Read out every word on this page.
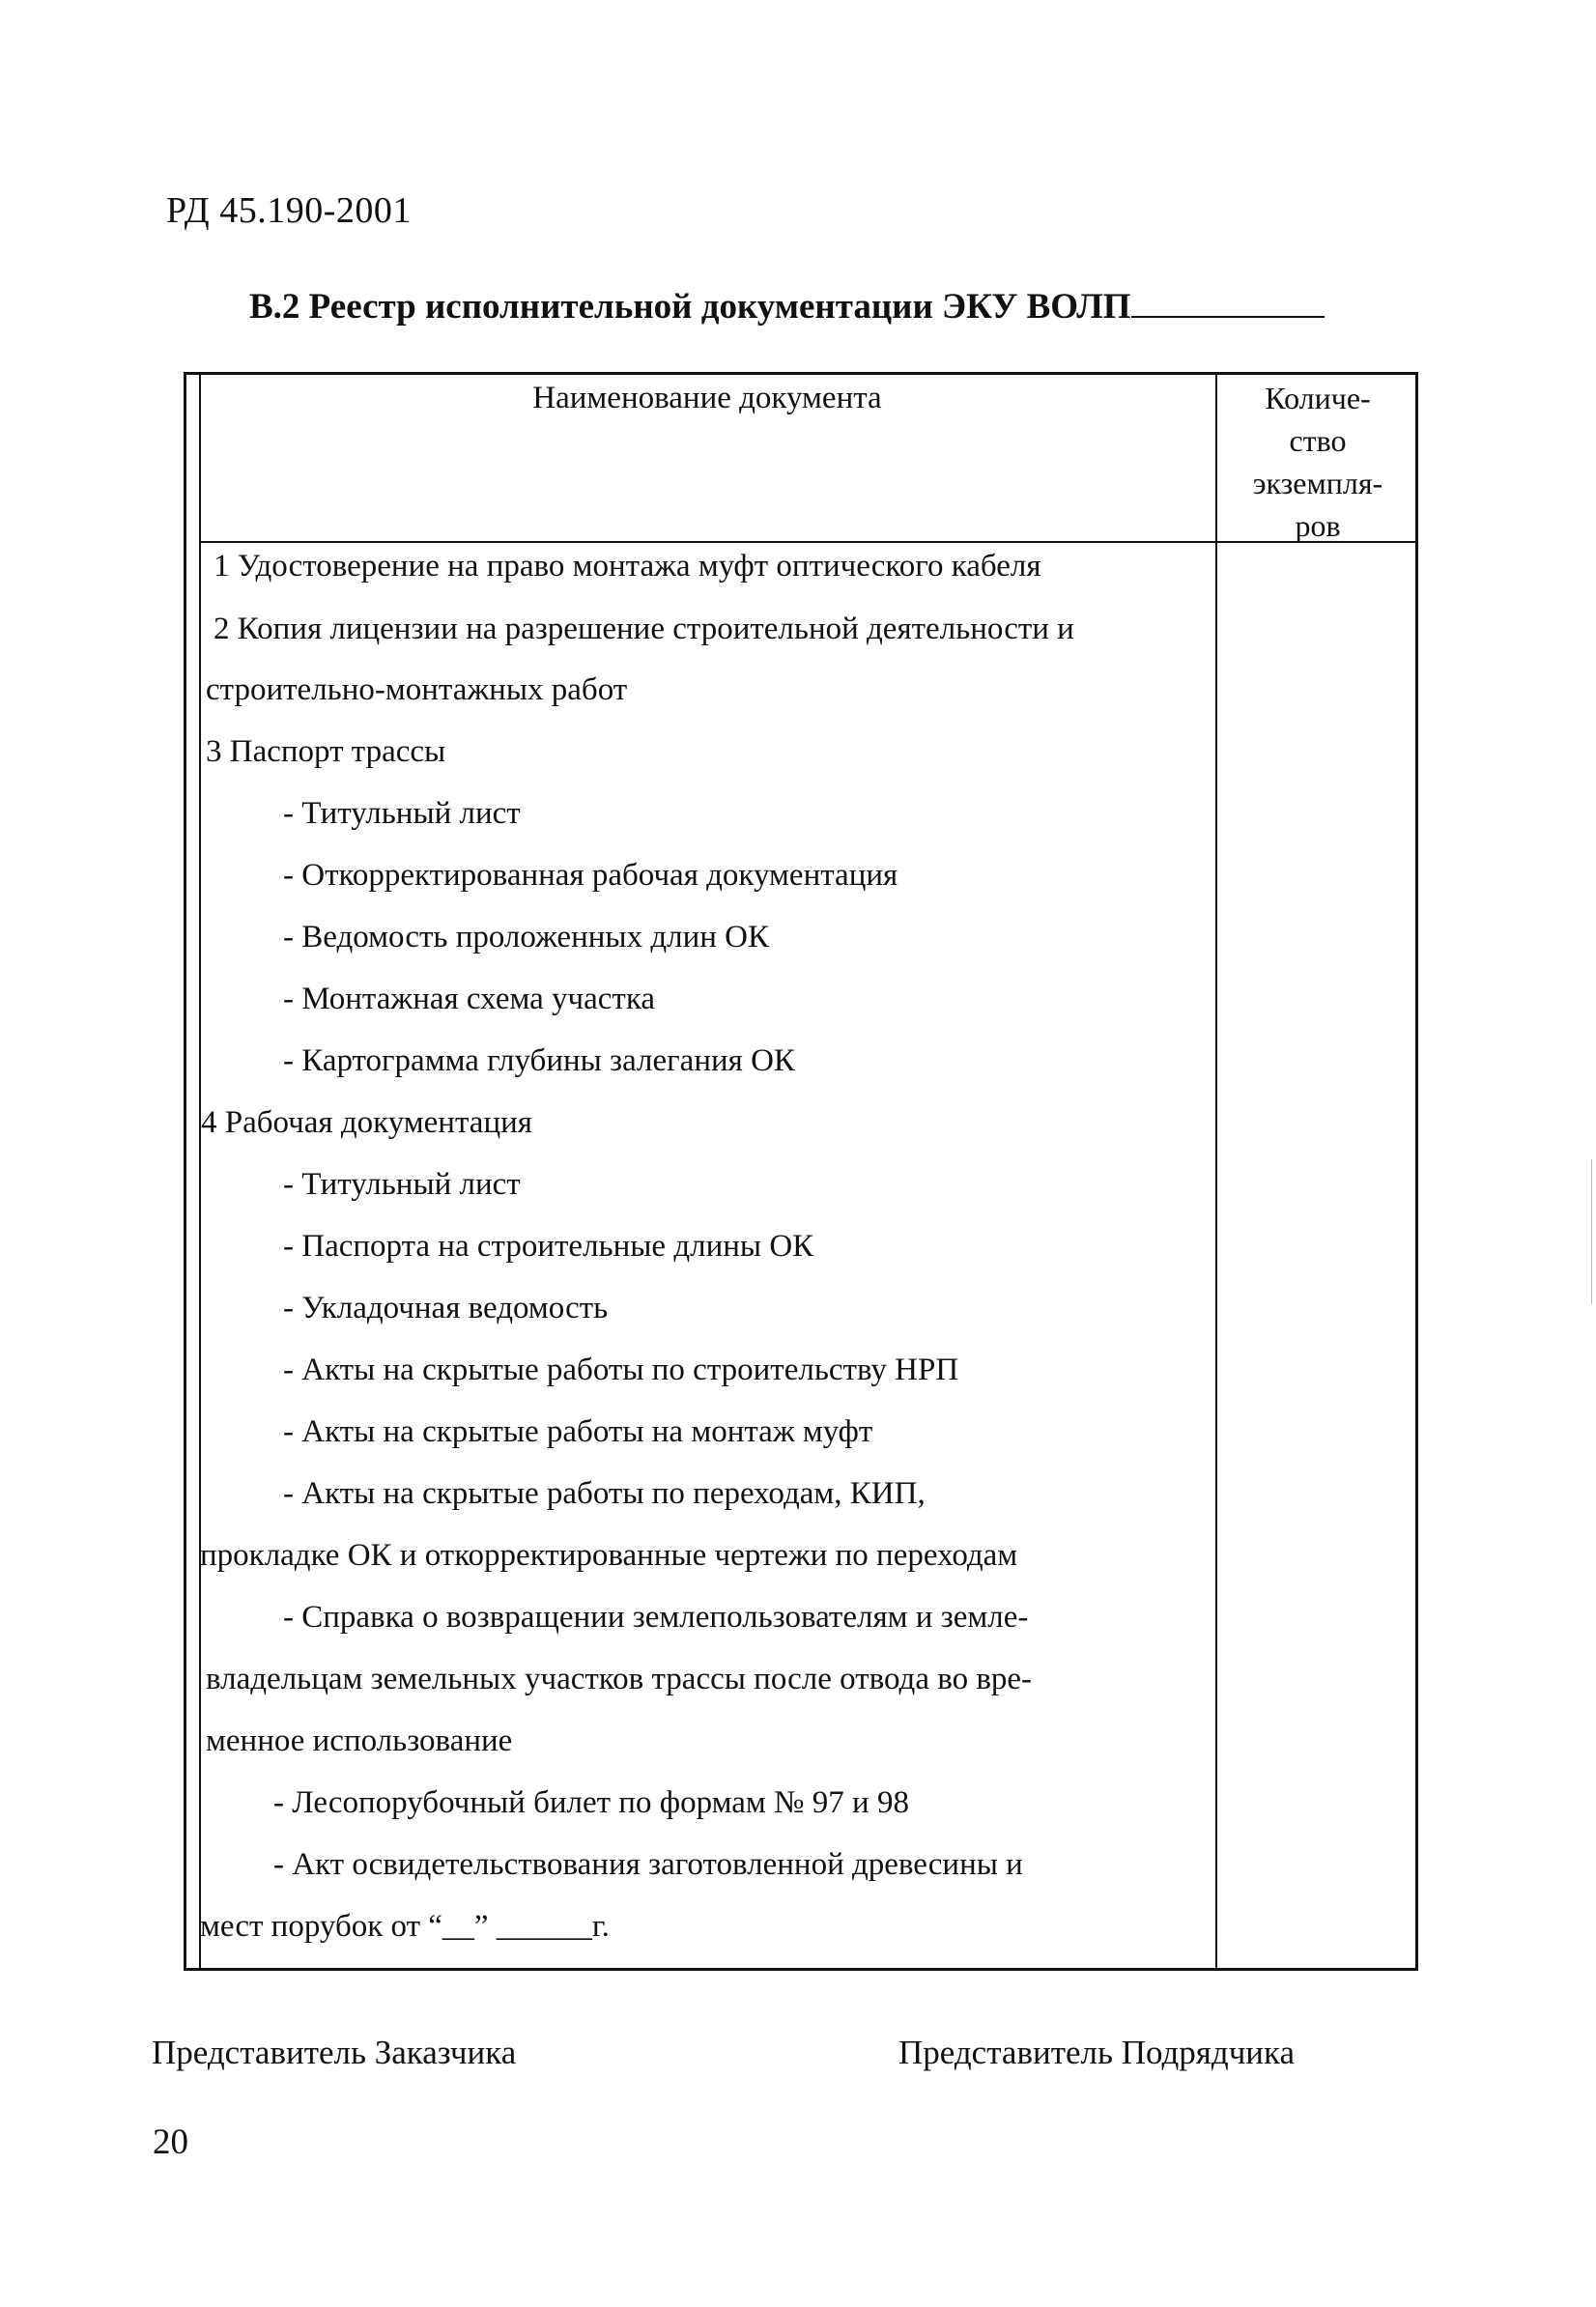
РД 45.190-2001
В.2 Реестр исполнительной документации ЭКУ ВОЛП
Наименование документа	Количе-
ство
экземпля-
ров
1 Удостоверение на право монтажа муфт оптического кабеля
2 Копия лицензии на разрешение строительной деятельности и
строительно-монтажных работ
3 Паспорт трассы
- Титульный лист
- Откорректированная рабочая документация
- Ведомость проложенных длин ОК
- Монтажная схема участка
- Картограмма глубины залегания ОК
4 Рабочая документация
- Титульный лист
- Паспорта на строительные длины ОК
- Укладочная ведомость
- Акты на скрытые работы по строительству НРП
- Акты на скрытые работы на монтаж муфт
- Акты на скрытые работы по переходам, КИП,
прокладке ОК и откорректированные чертежи по переходам
- Справка о возвращении землепользователям и земле-
владельцам земельных участков трассы после отвода во вре-
менное использование
- Лесопорубочный билет по формам № 97 и 98
- Акт освидетельствования заготовленной древесины и
мест порубок от “__” ______г.
Представитель Заказчика	Представитель Подрядчика
20
